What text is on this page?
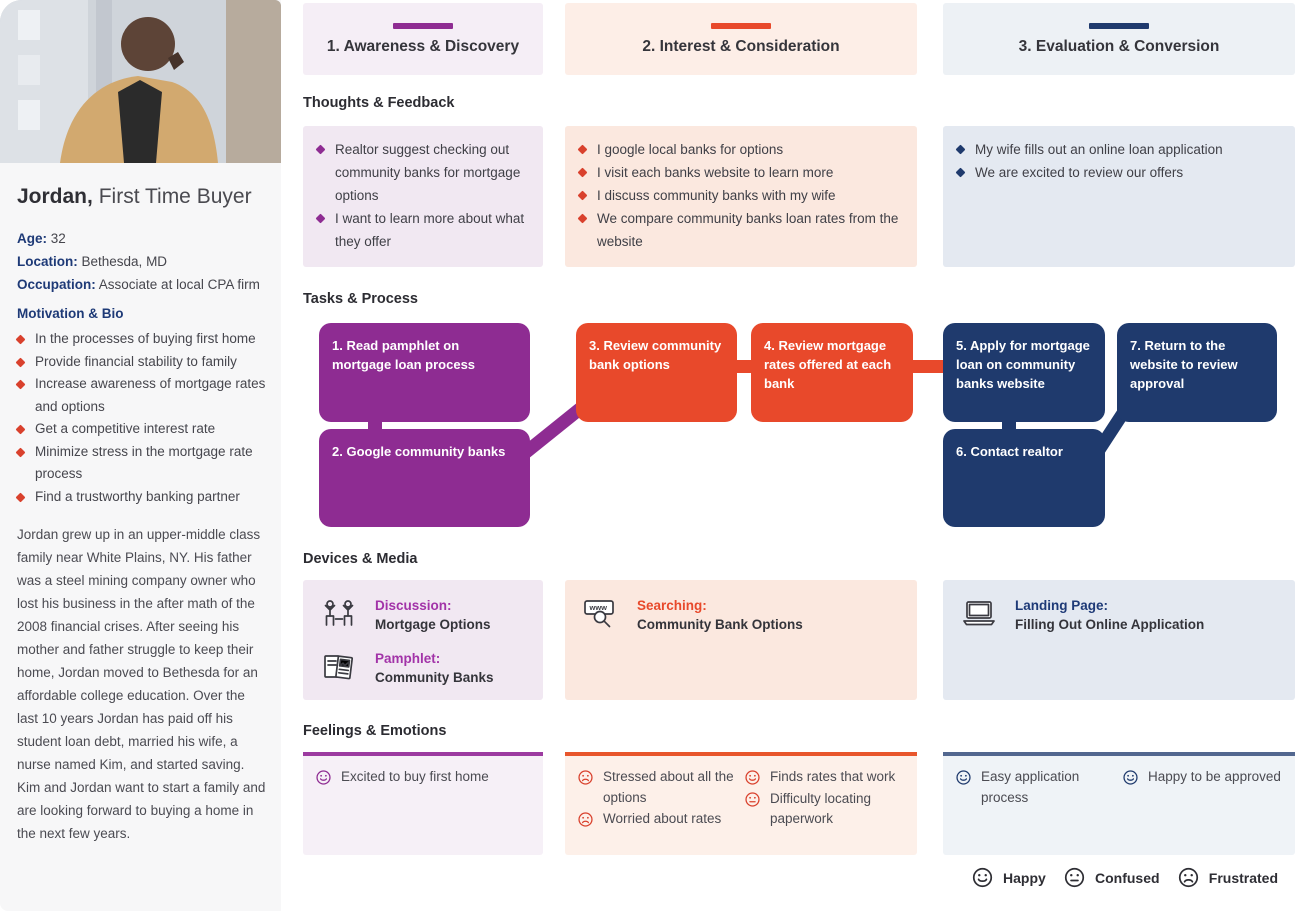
Jordan, First Time Buyer
Age: 32
Location: Bethesda, MD
Occupation: Associate at local CPA firm
Motivation & Bio
In the processes of buying first home
Provide financial stability to family
Increase awareness of mortgage rates and options
Get a competitive interest rate
Minimize stress in the mortgage rate process
Find a trustworthy banking partner

Jordan grew up in an upper-middle class family near White Plains, NY. His father was a steel mining company owner who lost his business in the after math of the 2008 financial crises. After seeing his mother and father struggle to keep their home, Jordan moved to Bethesda for an affordable college education. Over the last 10 years Jordan has paid off his student loan debt, married his wife, a nurse named Kim, and started saving. Kim and Jordan want to start a family and are looking forward to buying a home in the next few years.

1. Awareness & Discovery	2. Interest & Consideration	3. Evaluation & Conversion
Thoughts & Feedback
Realtor suggest checking out community banks for mortgage options
I want to learn more about what they offer
I google local banks for options
I visit each banks website to learn more
I discuss community banks with my wife
We compare community banks loan rates from the website
My wife fills out an online loan application
We are excited to review our offers
Tasks & Process
1. Read pamphlet on mortgage loan process
2. Google community banks
3. Review community bank options
4. Review mortgage rates offered at each bank
5. Apply for mortgage loan on community banks website
6. Contact realtor
7. Return to the website to review approval
Devices & Media
Discussion:
Mortgage Options
Pamphlet:
Community Banks
Searching:
Community Bank Options
Landing Page:
Filling Out Online Application
Feelings & Emotions
Excited to buy first home	Stressed about all the options
Worried about rates
Finds rates that work
Difficulty locating paperwork
Easy application process
Happy to be approved
Happy	Confused	Frustrated
